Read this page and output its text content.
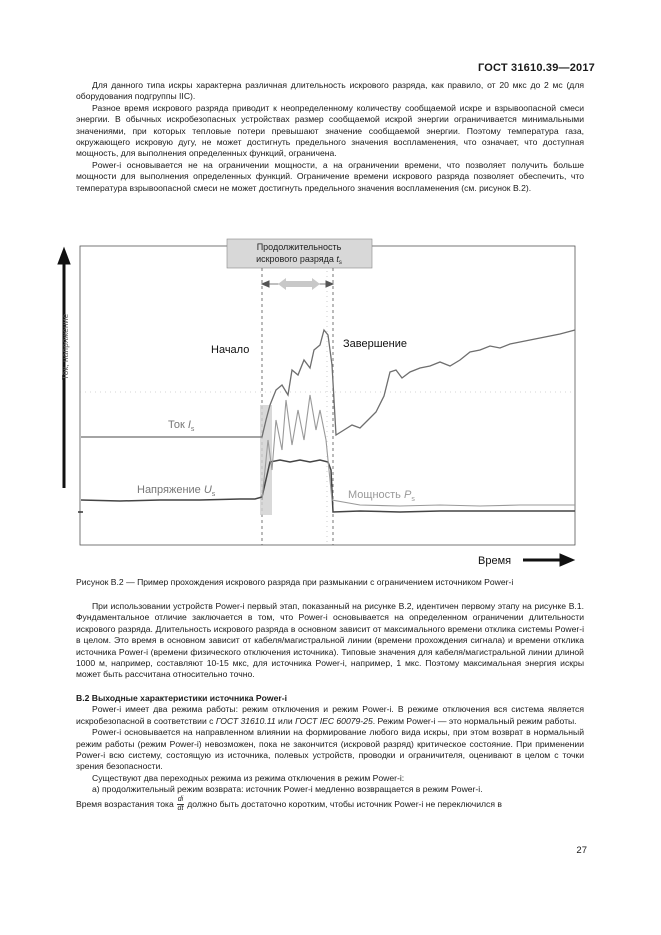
ГОСТ 31610.39—2017

Для данного типа искры характерна различная длительность искрового разряда, как правило, от 20 мкс до 2 мс (для оборудования подгруппы IIC).

Разное время искрового разряда приводит к неопределенному количеству сообщаемой искре и взрывоопасной смеси энергии. В обычных искробезопасных устройствах размер сообщаемой искрой энергии ограничивается минимальными значениями, при которых тепловые потери превышают значение сообщаемой энергии. Поэтому температура газа, окружающего искровую дугу, не может достигнуть предельного значения воспламенения, что означает, что доступная мощность, для выполнения определенных функций, ограничена.

Power-i основывается не на ограничении мощности, а на ограничении времени, что позволяет получить больше мощности для выполнения определенных функций. Ограничение времени искрового разряда позволяет обеспечить, что температура взрывоопасной смеси не может достигнуть предельного значения воспламенения (см. рисунок В.2).

Ток, напряжение
Время
Продолжительность
искрового разряда $t_s$
Начало	Завершение
Ток $I_s$
Напряжение $U_s$	Мощность $P_s$
Рисунок В.2 — Пример прохождения искрового разряда при размыкании с ограничением источником Power-i

При использовании устройств Power-i первый этап, показанный на рисунке В.2, идентичен первому этапу на рисунке В.1. Фундаментальное отличие заключается в том, что Power-i основывается на определенном ограничении длительности искрового разряда. Длительность искрового разряда в основном зависит от максимального времени отклика системы Power-i в целом. Это время в основном зависит от кабеля/магистральной линии (времени прохождения сигнала) и времени отклика источника Power-i (времени физического отключения источника). Типовые значения для кабеля/магистральной линии длиной 1000 м, например, составляют 10-15 мкс, для источника Power-i, например, 1 мкс. Поэтому максимальная энергия искры может быть рассчитана относительно точно.

В.2 Выходные характеристики источника Power-i

Power-i имеет два режима работы: режим отключения и режим Power-i. В режиме отключения вся система является искробезопасной в соответствии с ГОСТ 31610.11 или ГОСТ IEC 60079-25. Режим Power-i — это нормальный режим работы.

Power-i основывается на направленном влиянии на формирование любого вида искры, при этом возврат в нормальный режим работы (режим Power-i) невозможен, пока не закончится (искровой разряд) критическое состояние. При применении Power-i всю систему, состоящую из источника, полевых устройств, проводки и ограничителя, оценивают в целом с точки зрения безопасности.

Существуют два переходных режима из режима отключения в режим Power-i:

а) продолжительный режим возврата: источник Power-i медленно возвращается в режим Power-i.

Время возрастания тока $\frac{di}{dt}$ должно быть достаточно коротким, чтобы источник Power-i не переключился в

27
